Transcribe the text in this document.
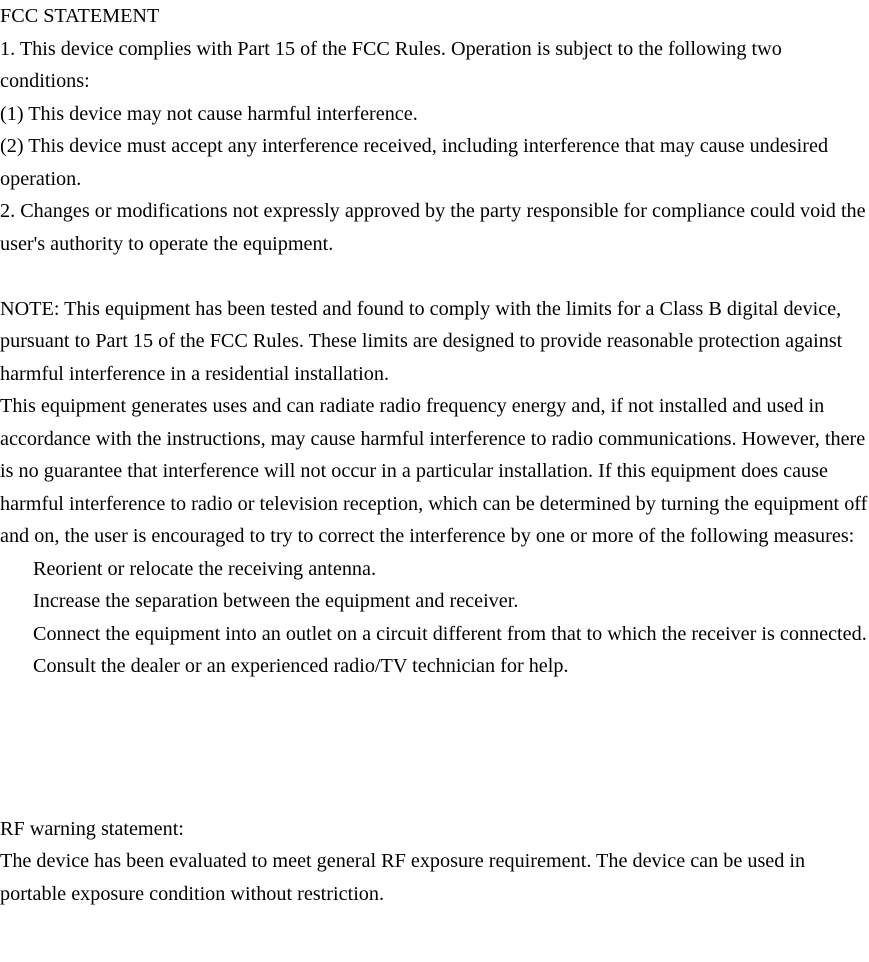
FCC STATEMENT

1. This device complies with Part 15 of the FCC Rules. Operation is subject to the following two conditions:

(1) This device may not cause harmful interference.

(2) This device must accept any interference received, including interference that may cause undesired operation.

2. Changes or modifications not expressly approved by the party responsible for compliance could void the user's authority to operate the equipment.

NOTE: This equipment has been tested and found to comply with the limits for a Class B digital device, pursuant to Part 15 of the FCC Rules. These limits are designed to provide reasonable protection against harmful interference in a residential installation.

This equipment generates uses and can radiate radio frequency energy and, if not installed and used in accordance with the instructions, may cause harmful interference to radio communications. However, there is no guarantee that interference will not occur in a particular installation. If this equipment does cause harmful interference to radio or television reception, which can be determined by turning the equipment off and on, the user is encouraged to try to correct the interference by one or more of the following measures:

Reorient or relocate the receiving antenna.

Increase the separation between the equipment and receiver.

Connect the equipment into an outlet on a circuit different from that to which the receiver is connected.

Consult the dealer or an experienced radio/TV technician for help.

RF warning statement:

The device has been evaluated to meet general RF exposure requirement. The device can be used in portable exposure condition without restriction.
